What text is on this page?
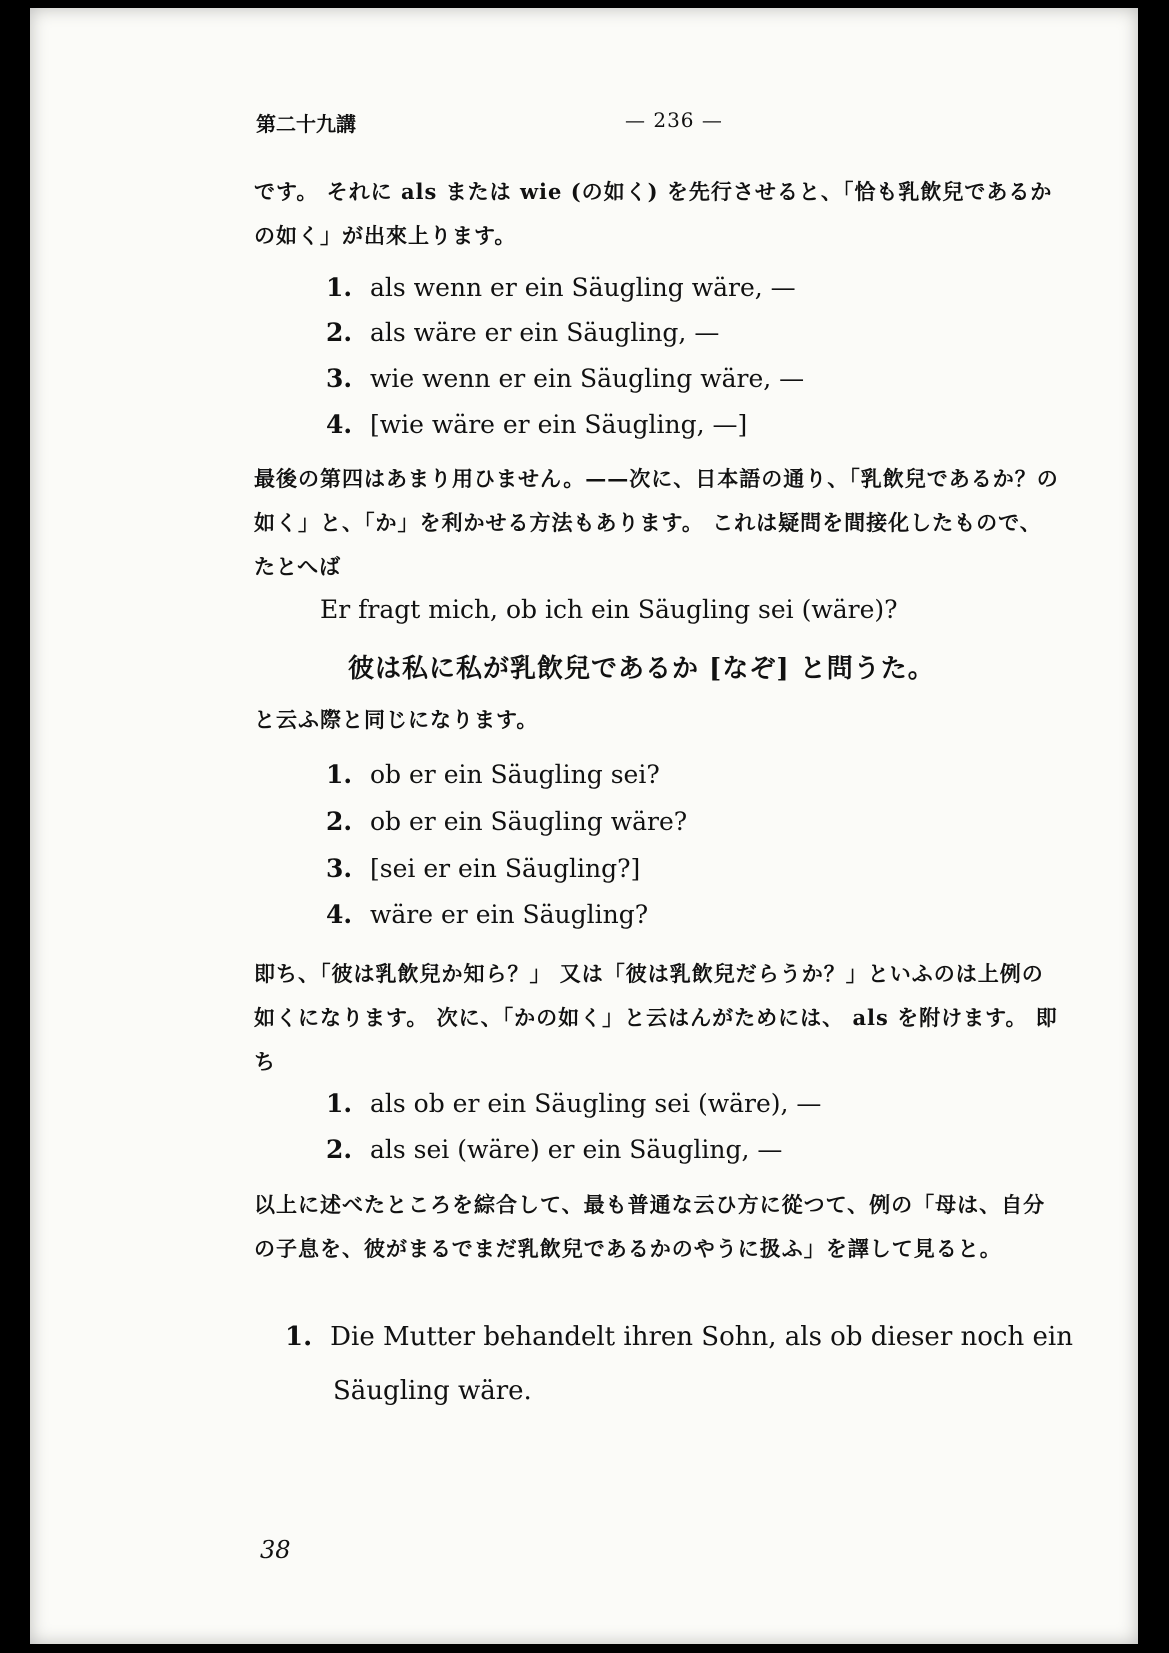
第二十九講	— 236 —
です。 それに als または wie (の如く) を先行させると、「恰も乳飲兒であるかの如く」が出來上ります。
1. als wenn er ein Säugling wäre, —
2. als wäre er ein Säugling, —
3. wie wenn er ein Säugling wäre, —
4. [wie wäre er ein Säugling, —]
最後の第四はあまり用ひません。——次に、日本語の通り、「乳飲兒であるか？の如く」と、「か」を利かせる方法もあります。 これは疑問を間接化したもので、たとへば
Er fragt mich, ob ich ein Säugling sei (wäre)?
彼は私に私が乳飲兒であるか [なぞ] と問うた。
と云ふ際と同じになります。
1. ob er ein Säugling sei?
2. ob er ein Säugling wäre?
3. [sei er ein Säugling?]
4. wäre er ein Säugling?
即ち、「彼は乳飲兒か知ら？」 又は「彼は乳飲兒だらうか？」といふのは上例の如くになります。 次に、「かの如く」と云はんがためには、 als を附けます。 即ち
1. als ob er ein Säugling sei (wäre), —
2. als sei (wäre) er ein Säugling, —
以上に述べたところを綜合して、最も普通な云ひ方に從つて、例の「母は、自分の子息を、彼がまるでまだ乳飲兒であるかのやうに扱ふ」を譯して見ると。
1. Die Mutter behandelt ihren Sohn, als ob dieser noch ein
Säugling wäre.
38
